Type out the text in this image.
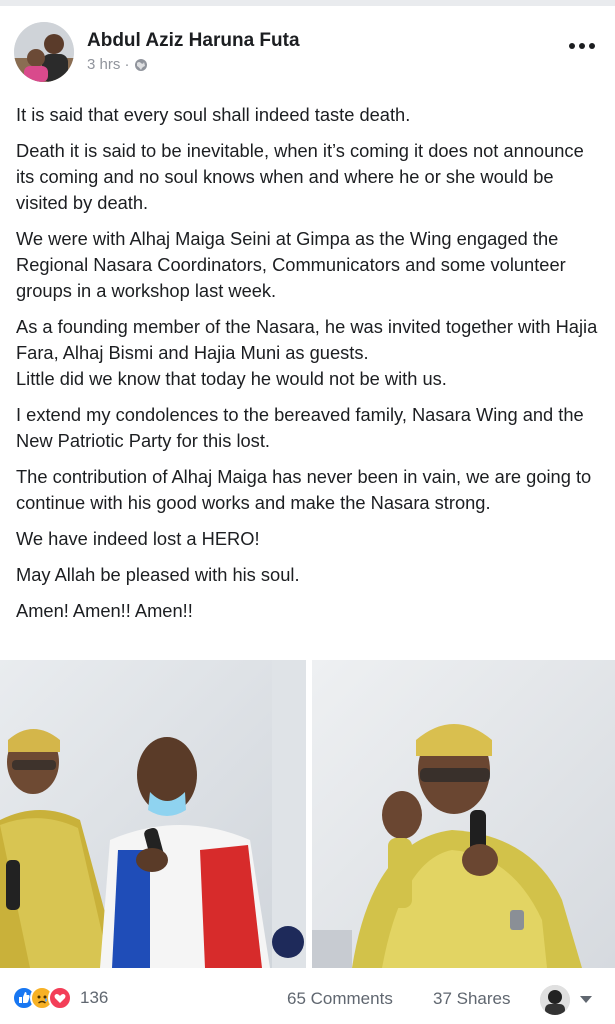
Abdul Aziz Haruna Futa
3 hrs ·

It is said that every soul shall indeed taste death.

Death it is said to be inevitable, when it’s coming it does not announce its coming and no soul knows when and where he or she would be visited by death.

We were with Alhaj Maiga Seini at Gimpa as the Wing engaged the Regional Nasara Coordinators, Communicators and some volunteer groups in a workshop last week.

As a founding member of the Nasara, he was invited together with Hajia Fara, Alhaj Bismi and Hajia Muni as guests.

Little did we know that today he would not be with us.

I extend my condolences to the bereaved family, Nasara Wing and the New Patriotic Party for this lost.

The contribution of Alhaj Maiga has never been in vain, we are going to continue with his good works and make the Nasara strong.

We have indeed lost a HERO!

May Allah be pleased with his soul.

Amen! Amen!! Amen!!

136	65 Comments 37 Shares
